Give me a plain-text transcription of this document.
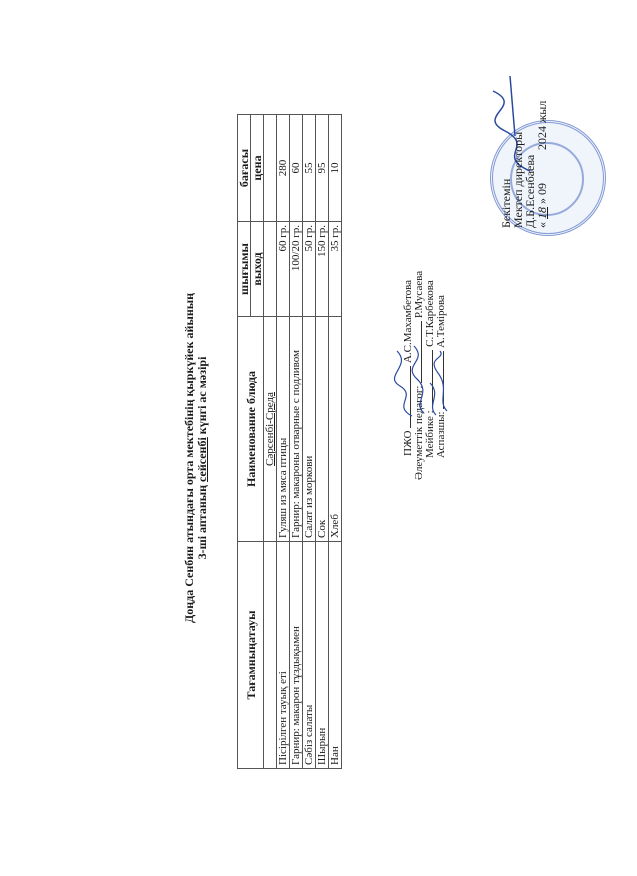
Бекітемін
Мектеп директоры
Д.Б.Есенбаева
« 18 » 09 2024 жыл
Доңда Сенбин атындағы орта мектебінің қыркүйек айының 3-ші аптаның сейсенбі күнгі ас мәзірі
Тағамныңатауы	Наименование блюда	шығымы	бағасы
		выход	цена
	Сәрсенбі-Среда		
Пісірілген тауық еті	Гуляш из мяса птицы	60 гр.	280
Гарнир: макарон тұздықымен	Гарнир: макароны отварные с подливом	100/20 гр.	60
Сәбіз салаты	Салат из моркови	50 гр.	55
Шырын	Сок	150 гр.	95
Нан	Хлеб	35 гр.	10
ПЖО  А.С.Махамбетова
Әлеуметтік педагог:  Р.Мусаева
Мейбике :  С.Т.Карбекова
Аспазшы:  А.Темірова
